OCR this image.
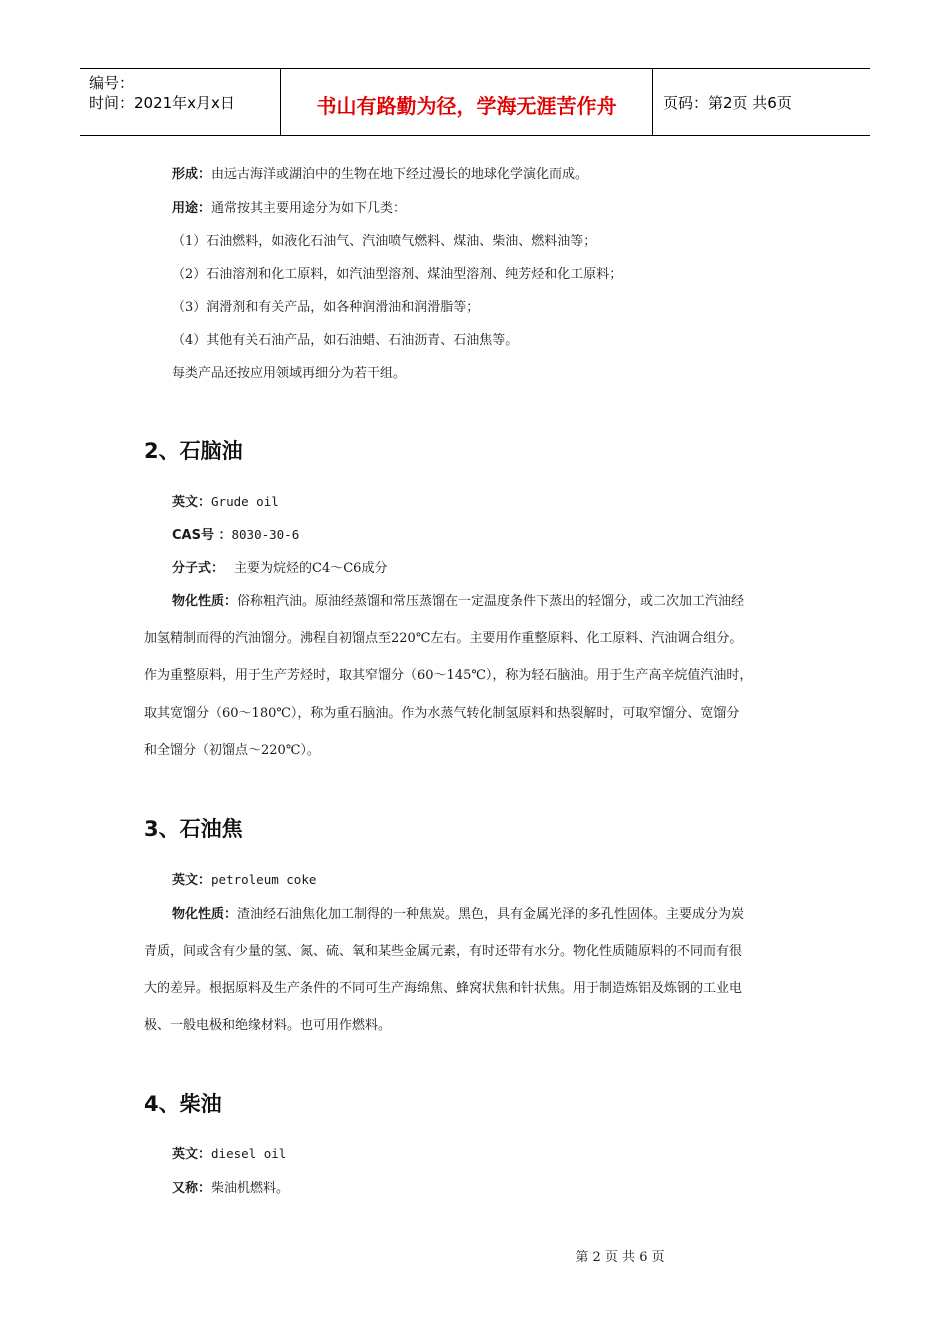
编号：
时间：2021年x月x日	书山有路勤为径，学海无涯苦作舟	页码：第2页 共6页
形成：由远古海洋或湖泊中的生物在地下经过漫长的地球化学演化而成。
用途：通常按其主要用途分为如下几类：
（1）石油燃料，如液化石油气、汽油喷气燃料、煤油、柴油、燃料油等；
（2）石油溶剂和化工原料，如汽油型溶剂、煤油型溶剂、纯芳烃和化工原料；
（3）润滑剂和有关产品，如各种润滑油和润滑脂等；
（4）其他有关石油产品，如石油蜡、石油沥青、石油焦等。
每类产品还按应用领域再细分为若干组。
2、石脑油
英文：Grude oil
CAS号 ：8030-30-6
分子式： 主要为烷烃的C4～C6成分
物化性质：俗称粗汽油。原油经蒸馏和常压蒸馏在一定温度条件下蒸出的轻馏分，或二次加工汽油经
加氢精制而得的汽油馏分。沸程自初馏点至220℃左右。主要用作重整原料、化工原料、汽油调合组分。
作为重整原料，用于生产芳烃时，取其窄馏分（60～145℃），称为轻石脑油。用于生产高辛烷值汽油时，
取其宽馏分（60～180℃），称为重石脑油。作为水蒸气转化制氢原料和热裂解时，可取窄馏分、宽馏分
和全馏分（初馏点～220℃）。
3、石油焦
英文：petroleum coke
物化性质：渣油经石油焦化加工制得的一种焦炭。黑色，具有金属光泽的多孔性固体。主要成分为炭
青质，间或含有少量的氢、氮、硫、氧和某些金属元素，有时还带有水分。物化性质随原料的不同而有很
大的差异。根据原料及生产条件的不同可生产海绵焦、蜂窝状焦和针状焦。用于制造炼铝及炼钢的工业电
极、一般电极和绝缘材料。也可用作燃料。
4、柴油
英文：diesel oil
又称：柴油机燃料。
第 2 页 共 6 页
